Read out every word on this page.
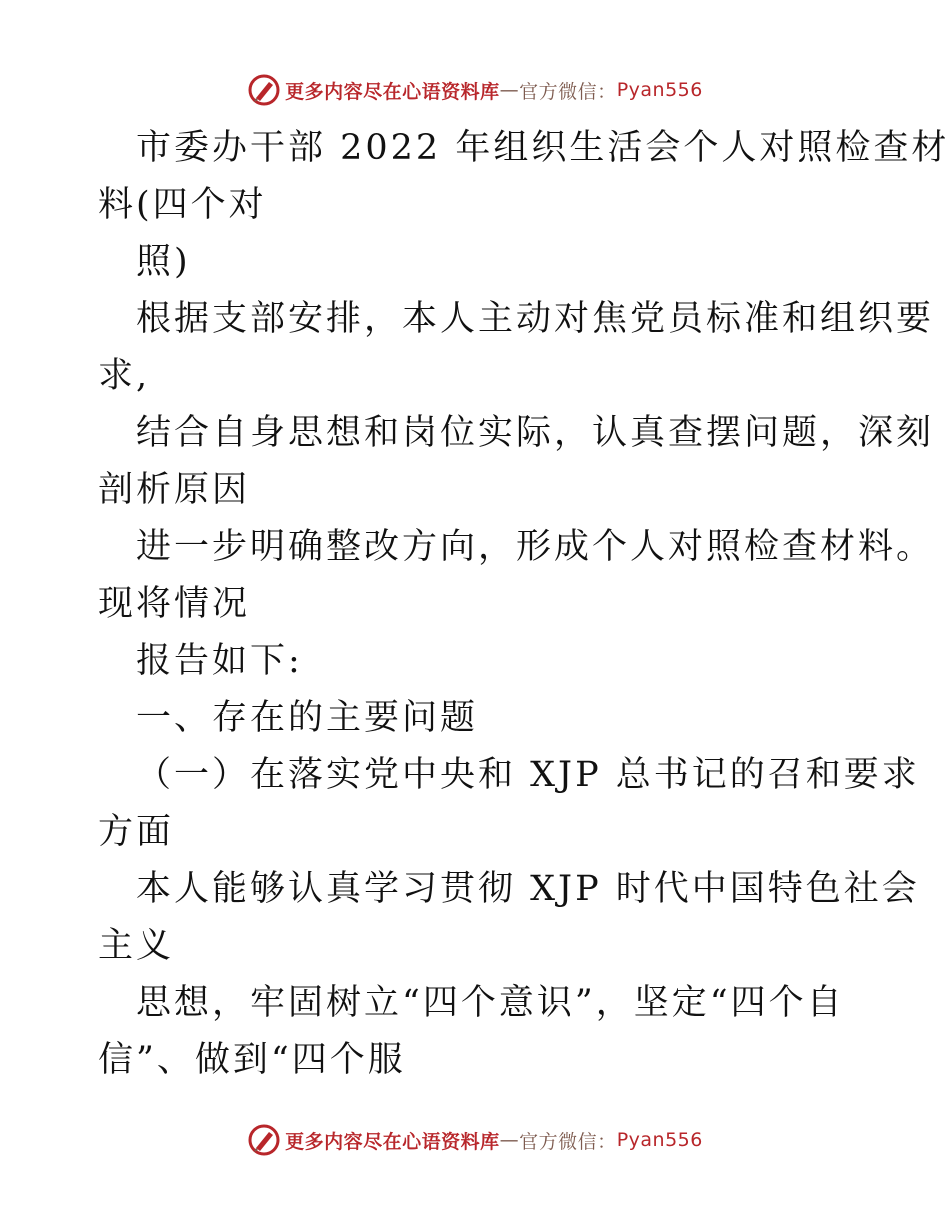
更多内容尽在心语资料库 — 官方微信： Pyan556
市委办干部 2022 年组织生活会个人对照检查材
料(四个对
照)
根据支部安排，本人主动对焦党员标准和组织要
求,
结合自身思想和岗位实际，认真查摆问题，深刻
剖析原因
进一步明确整改方向，形成个人对照检查材料。
现将情况
报告如下:
一、存在的主要问题
（一）在落实党中央和 XJP 总书记的召和要求
方面
本人能够认真学习贯彻 XJP 时代中国特色社会
主义
思想，牢固树立“四个意识”，坚定“四个自
信”、做到“四个服
更多内容尽在心语资料库 — 官方微信： Pyan556
